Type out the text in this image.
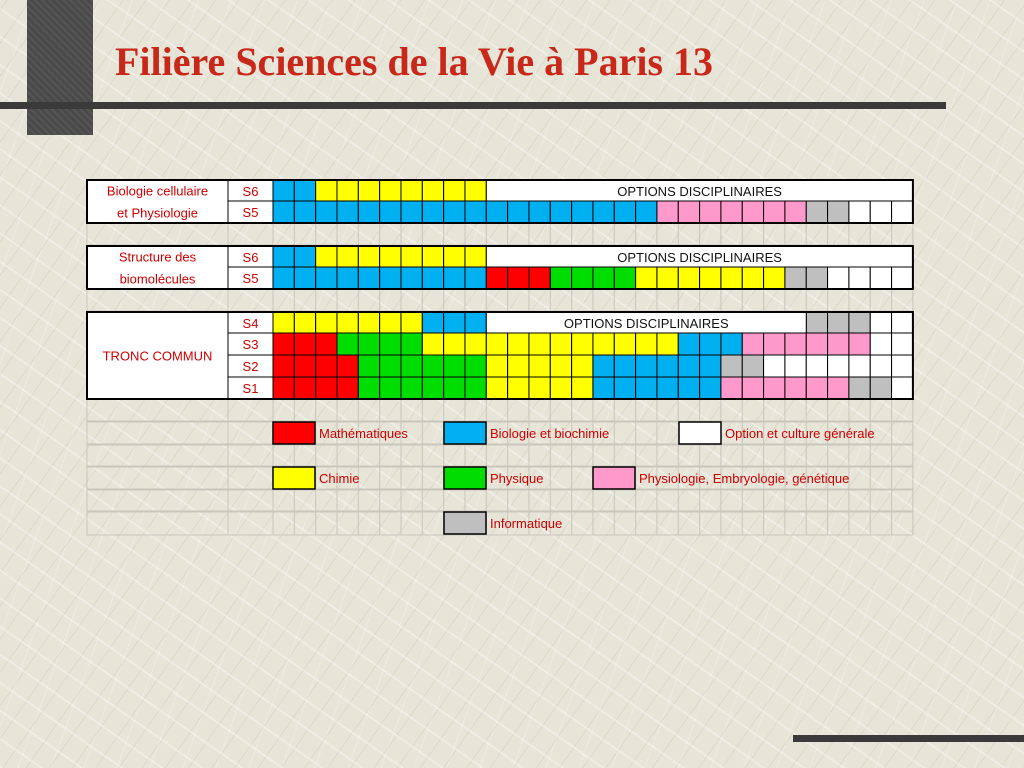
Filière Sciences de la Vie à Paris 13
Biologie cellulaire
et Physiologie
S6	OPTIONS DISCIPLINAIRES
S5
Structure des
biomolécules
S6	OPTIONS DISCIPLINAIRES
S5
TRONC COMMUN
S4	OPTIONS DISCIPLINAIRES
S3
S2
S1
Mathématiques	Biologie et biochimie	Option et culture générale
Chimie	Physique	Physiologie, Embryologie, génétique
Informatique
